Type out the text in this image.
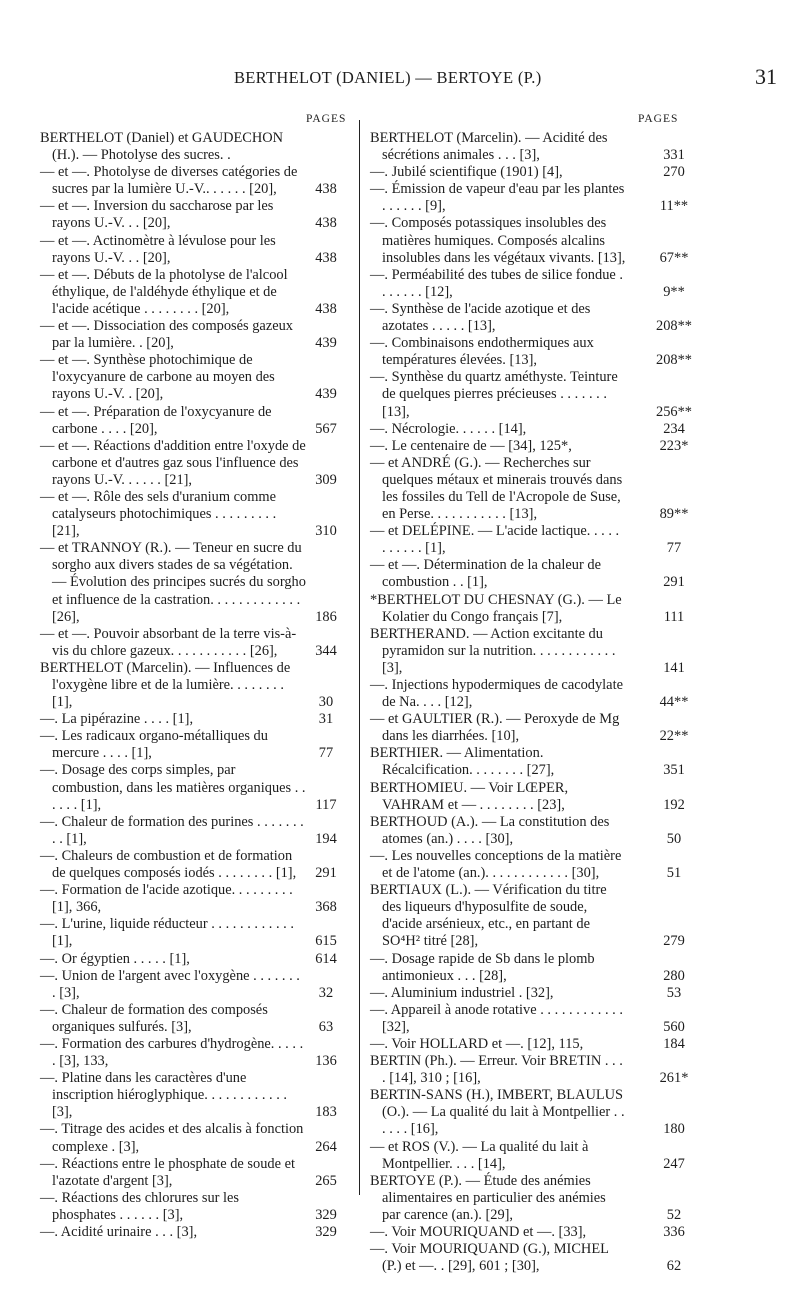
BERTHELOT (DANIEL) — BERTOYE (P.)	31
PAGES	PAGES
BERTHELOT (Daniel) et GAUDECHON (H.). — Photolyse des sucres. .
— et —. Photolyse de diverses catégories de sucres par la lumière U.-V.. . . . . . [20],	438
— et —. Inversion du saccharose par les rayons U.-V. . . [20],	438
— et —. Actinomètre à lévulose pour les rayons U.-V. . . [20],	438
— et —. Débuts de la photolyse de l'alcool éthylique, de l'aldéhyde éthylique et de l'acide acétique . . . . . . . . [20],	438
— et —. Dissociation des composés gazeux par la lumière. . [20],	439
— et —. Synthèse photochimique de l'oxycyanure de carbone au moyen des rayons U.-V. . [20],	439
— et —. Préparation de l'oxycyanure de carbone . . . . [20],	567
— et —. Réactions d'addition entre l'oxyde de carbone et d'autres gaz sous l'influence des rayons U.-V. . . . . . [21],	309
— et —. Rôle des sels d'uranium comme catalyseurs photochimiques . . . . . . . . . [21],	310
— et TRANNOY (R.). — Teneur en sucre du sorgho aux divers stades de sa végétation. — Évolution des principes sucrés du sorgho et influence de la castration. . . . . . . . . . . . . [26],	186
— et —. Pouvoir absorbant de la terre vis-à-vis du chlore gazeux. . . . . . . . . . . [26],	344
BERTHELOT (Marcelin). — Influences de l'oxygène libre et de la lumière. . . . . . . . [1],	30
—. La pipérazine . . . . [1],	31
—. Les radicaux organo-métalliques du mercure . . . . [1],	77
—. Dosage des corps simples, par combustion, dans les matières organiques . . . . . . [1],	117
—. Chaleur de formation des purines . . . . . . . . . [1],	194
—. Chaleurs de combustion et de formation de quelques composés iodés . . . . . . . . [1],	291
—. Formation de l'acide azotique. . . . . . . . . [1], 366,	368
—. L'urine, liquide réducteur . . . . . . . . . . . . [1],	615
—. Or égyptien . . . . . [1],	614
—. Union de l'argent avec l'oxygène . . . . . . . . [3],	32
—. Chaleur de formation des composés organiques sulfurés. [3],	63
—. Formation des carbures d'hydrogène. . . . . . [3], 133,	136
—. Platine dans les caractères d'une inscription hiéroglyphique. . . . . . . . . . . . [3],	183
—. Titrage des acides et des alcalis à fonction complexe . [3],	264
—. Réactions entre le phosphate de soude et l'azotate d'argent [3],	265
—. Réactions des chlorures sur les phosphates . . . . . . [3],	329
—. Acidité urinaire . . . [3],	329
BERTHELOT (Marcelin). — Acidité des sécrétions animales . . . [3],	331
—. Jubilé scientifique (1901) [4],	270
—. Émission de vapeur d'eau par les plantes . . . . . . [9],	11**
—. Composés potassiques insolubles des matières humiques. Composés alcalins insolubles dans les végétaux vivants. [13],	67**
—. Perméabilité des tubes de silice fondue . . . . . . . [12],	9**
—. Synthèse de l'acide azotique et des azotates . . . . . [13],	208**
—. Combinaisons endothermiques aux températures élevées. [13],	208**
—. Synthèse du quartz améthyste. Teinture de quelques pierres précieuses . . . . . . . [13],	256**
—. Nécrologie. . . . . . [14],	234
—. Le centenaire de — [34], 125*,	223*
— et ANDRÉ (G.). — Recherches sur quelques métaux et minerais trouvés dans les fossiles du Tell de l'Acropole de Suse, en Perse. . . . . . . . . . . [13],	89**
— et DELÉPINE. — L'acide lactique. . . . . . . . . . . [1],	77
— et —. Détermination de la chaleur de combustion . . [1],	291
*BERTHELOT DU CHESNAY (G.). — Le Kolatier du Congo français [7],	111
BERTHERAND. — Action excitante du pyramidon sur la nutrition. . . . . . . . . . . . [3],	141
—. Injections hypodermiques de cacodylate de Na. . . . [12],	44**
— et GAULTIER (R.). — Peroxyde de Mg dans les diarrhées. [10],	22**
BERTHIER. — Alimentation. Récalcification. . . . . . . . [27],	351
BERTHOMIEU. — Voir LŒPER, VAHRAM et — . . . . . . . . [23],	192
BERTHOUD (A.). — La constitution des atomes (an.) . . . . [30],	50
—. Les nouvelles conceptions de la matière et de l'atome (an.). . . . . . . . . . . . [30],	51
BERTIAUX (L.). — Vérification du titre des liqueurs d'hyposulfite de soude, d'acide arsénieux, etc., en partant de SO⁴H² titré [28],	279
—. Dosage rapide de Sb dans le plomb antimonieux . . . [28],	280
—. Aluminium industriel . [32],	53
—. Appareil à anode rotative . . . . . . . . . . . . [32],	560
—. Voir HOLLARD et —. [12], 115,	184
BERTIN (Ph.). — Erreur. Voir BRETIN . . . . [14], 310 ; [16],	261*
BERTIN-SANS (H.), IMBERT, BLAULUS (O.). — La qualité du lait à Montpellier . . . . . . [16],	180
— et ROS (V.). — La qualité du lait à Montpellier. . . . [14],	247
BERTOYE (P.). — Étude des anémies alimentaires en particulier des anémies par carence (an.). [29],	52
—. Voir MOURIQUAND et —. [33],	336
—. Voir MOURIQUAND (G.), MICHEL (P.) et —. . [29], 601 ; [30],	62
